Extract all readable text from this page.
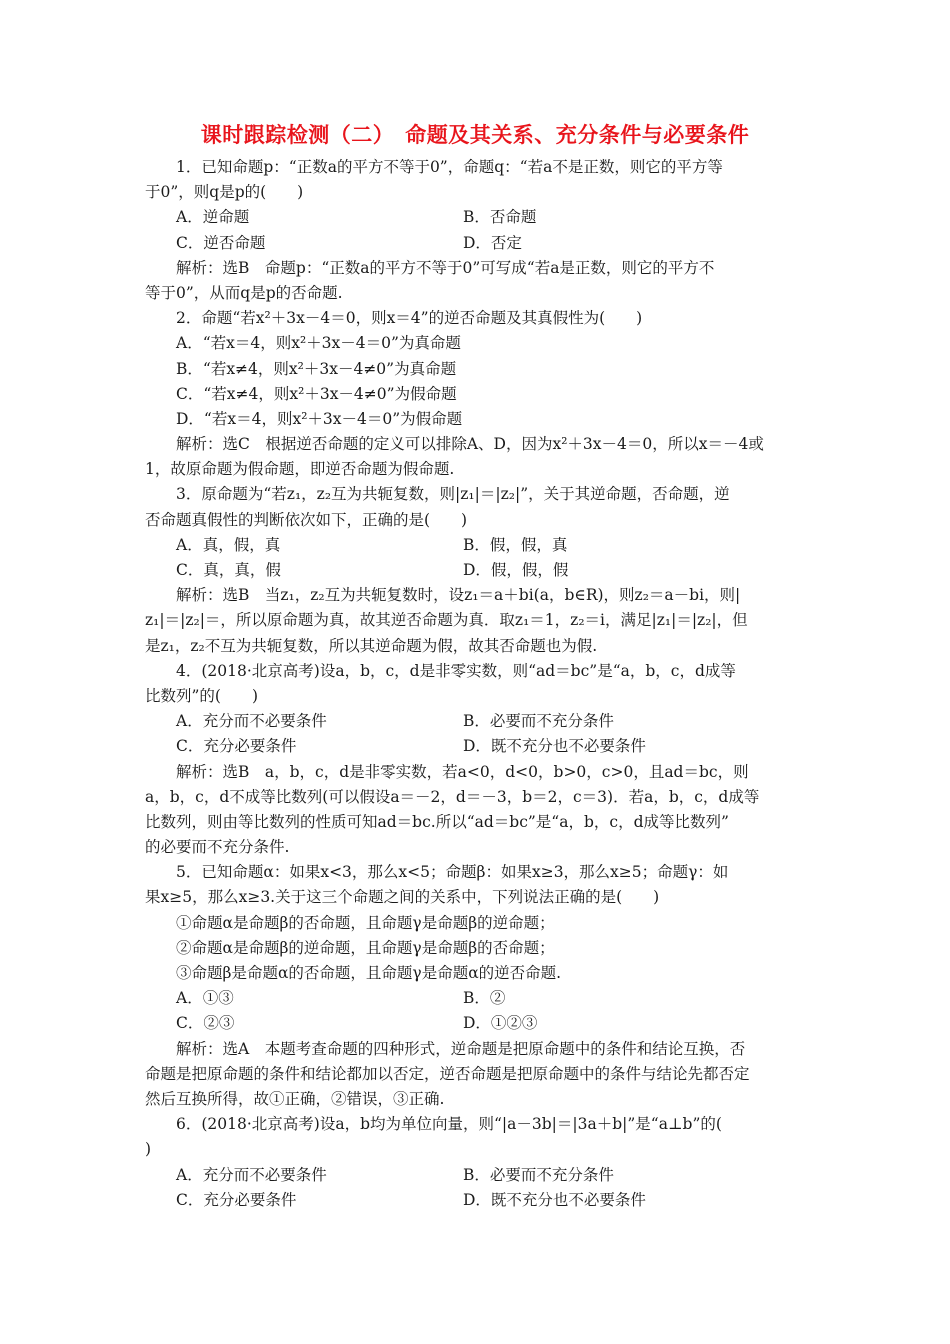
课时跟踪检测（二）　命题及其关系、充分条件与必要条件
1．已知命题p：“正数a的平方不等于0”，命题q：“若a不是正数，则它的平方等
于0”，则q是p的(　　)
A．逆命题	B．否命题
C．逆否命题	D．否定
解析：选B　命题p：“正数a的平方不等于0”可写成“若a是正数，则它的平方不
等于0”，从而q是p的否命题.
2．命题“若x²＋3x－4＝0，则x＝4”的逆否命题及其真假性为(　　)
A．“若x＝4，则x²＋3x－4＝0”为真命题
B．“若x≠4，则x²＋3x－4≠0”为真命题
C．“若x≠4，则x²＋3x－4≠0”为假命题
D．“若x＝4，则x²＋3x－4＝0”为假命题
解析：选C　根据逆否命题的定义可以排除A、D，因为x²＋3x－4＝0，所以x＝－4或
1，故原命题为假命题，即逆否命题为假命题.
3．原命题为“若z₁，z₂互为共轭复数，则|z₁|＝|z₂|”，关于其逆命题，否命题，逆
否命题真假性的判断依次如下，正确的是(　　)
A．真，假，真	B．假，假，真
C．真，真，假	D．假，假，假
解析：选B　当z₁，z₂互为共轭复数时，设z₁＝a＋bi(a，b∈R)，则z₂＝a－bi，则|
z₁|＝|z₂|＝，所以原命题为真，故其逆否命题为真．取z₁＝1，z₂＝i，满足|z₁|＝|z₂|，但
是z₁，z₂不互为共轭复数，所以其逆命题为假，故其否命题也为假.
4．(2018·北京高考)设a，b，c，d是非零实数，则“ad＝bc”是“a，b，c，d成等
比数列”的(　　)
A．充分而不必要条件	B．必要而不充分条件
C．充分必要条件	D．既不充分也不必要条件
解析：选B　a，b，c，d是非零实数，若a<0，d<0，b>0，c>0，且ad＝bc，则
a，b，c，d不成等比数列(可以假设a＝－2，d＝－3，b＝2，c＝3)．若a，b，c，d成等
比数列，则由等比数列的性质可知ad＝bc.所以“ad＝bc”是“a，b，c，d成等比数列”
的必要而不充分条件.
5．已知命题α：如果x<3，那么x<5；命题β：如果x≥3，那么x≥5；命题γ：如
果x≥5，那么x≥3.关于这三个命题之间的关系中，下列说法正确的是(　　)
①命题α是命题β的否命题，且命题γ是命题β的逆命题；
②命题α是命题β的逆命题，且命题γ是命题β的否命题；
③命题β是命题α的否命题，且命题γ是命题α的逆否命题.
A．①③	B．②
C．②③	D．①②③
解析：选A　本题考查命题的四种形式，逆命题是把原命题中的条件和结论互换，否
命题是把原命题的条件和结论都加以否定，逆否命题是把原命题中的条件与结论先都否定
然后互换所得，故①正确，②错误，③正确.
6．(2018·北京高考)设a，b均为单位向量，则“|a－3b|＝|3a＋b|”是“a⊥b”的(
)
A．充分而不必要条件	B．必要而不充分条件
C．充分必要条件	D．既不充分也不必要条件
